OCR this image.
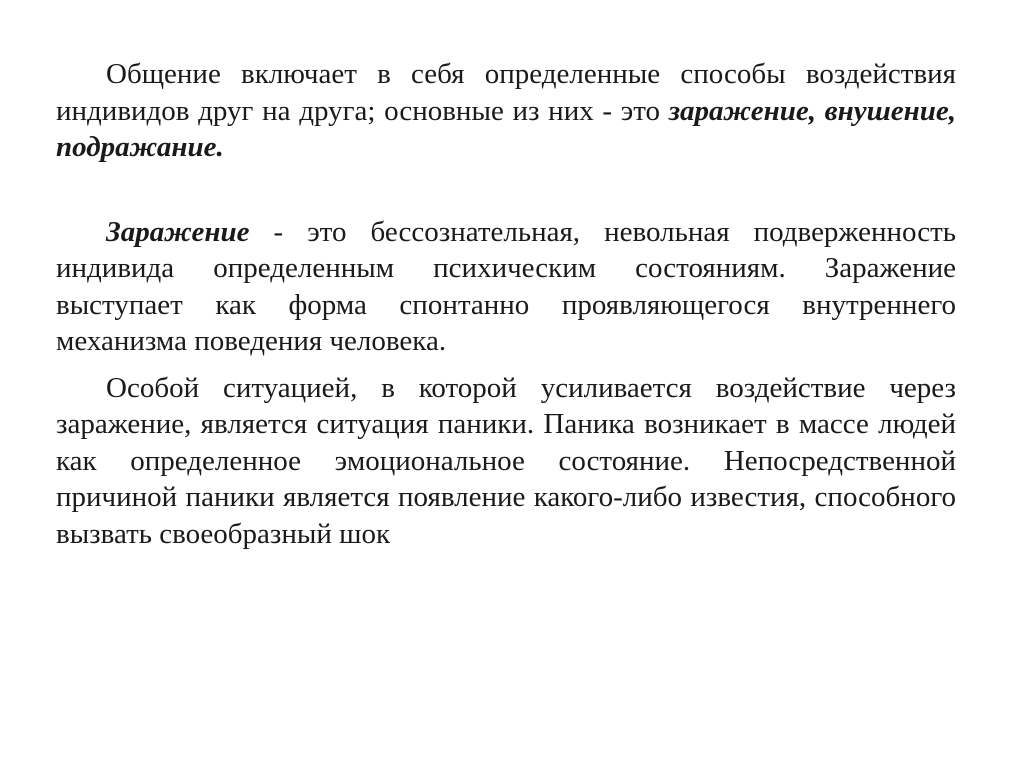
Общение включает в себя определенные способы воздействия индивидов друг на друга; основные из них - это заражение, внушение, подражание.

Заражение - это бессознательная, невольная подверженность индивида определенным психическим состояниям. Заражение выступает как форма спонтанно проявляющегося внутреннего механизма поведения человека.

Особой ситуацией, в которой усиливается воздействие через заражение, является ситуация паники. Паника возникает в массе людей как определенное эмоциональное состояние. Непосредственной причиной паники является появление какого-либо известия, способного вызвать своеобразный шок
